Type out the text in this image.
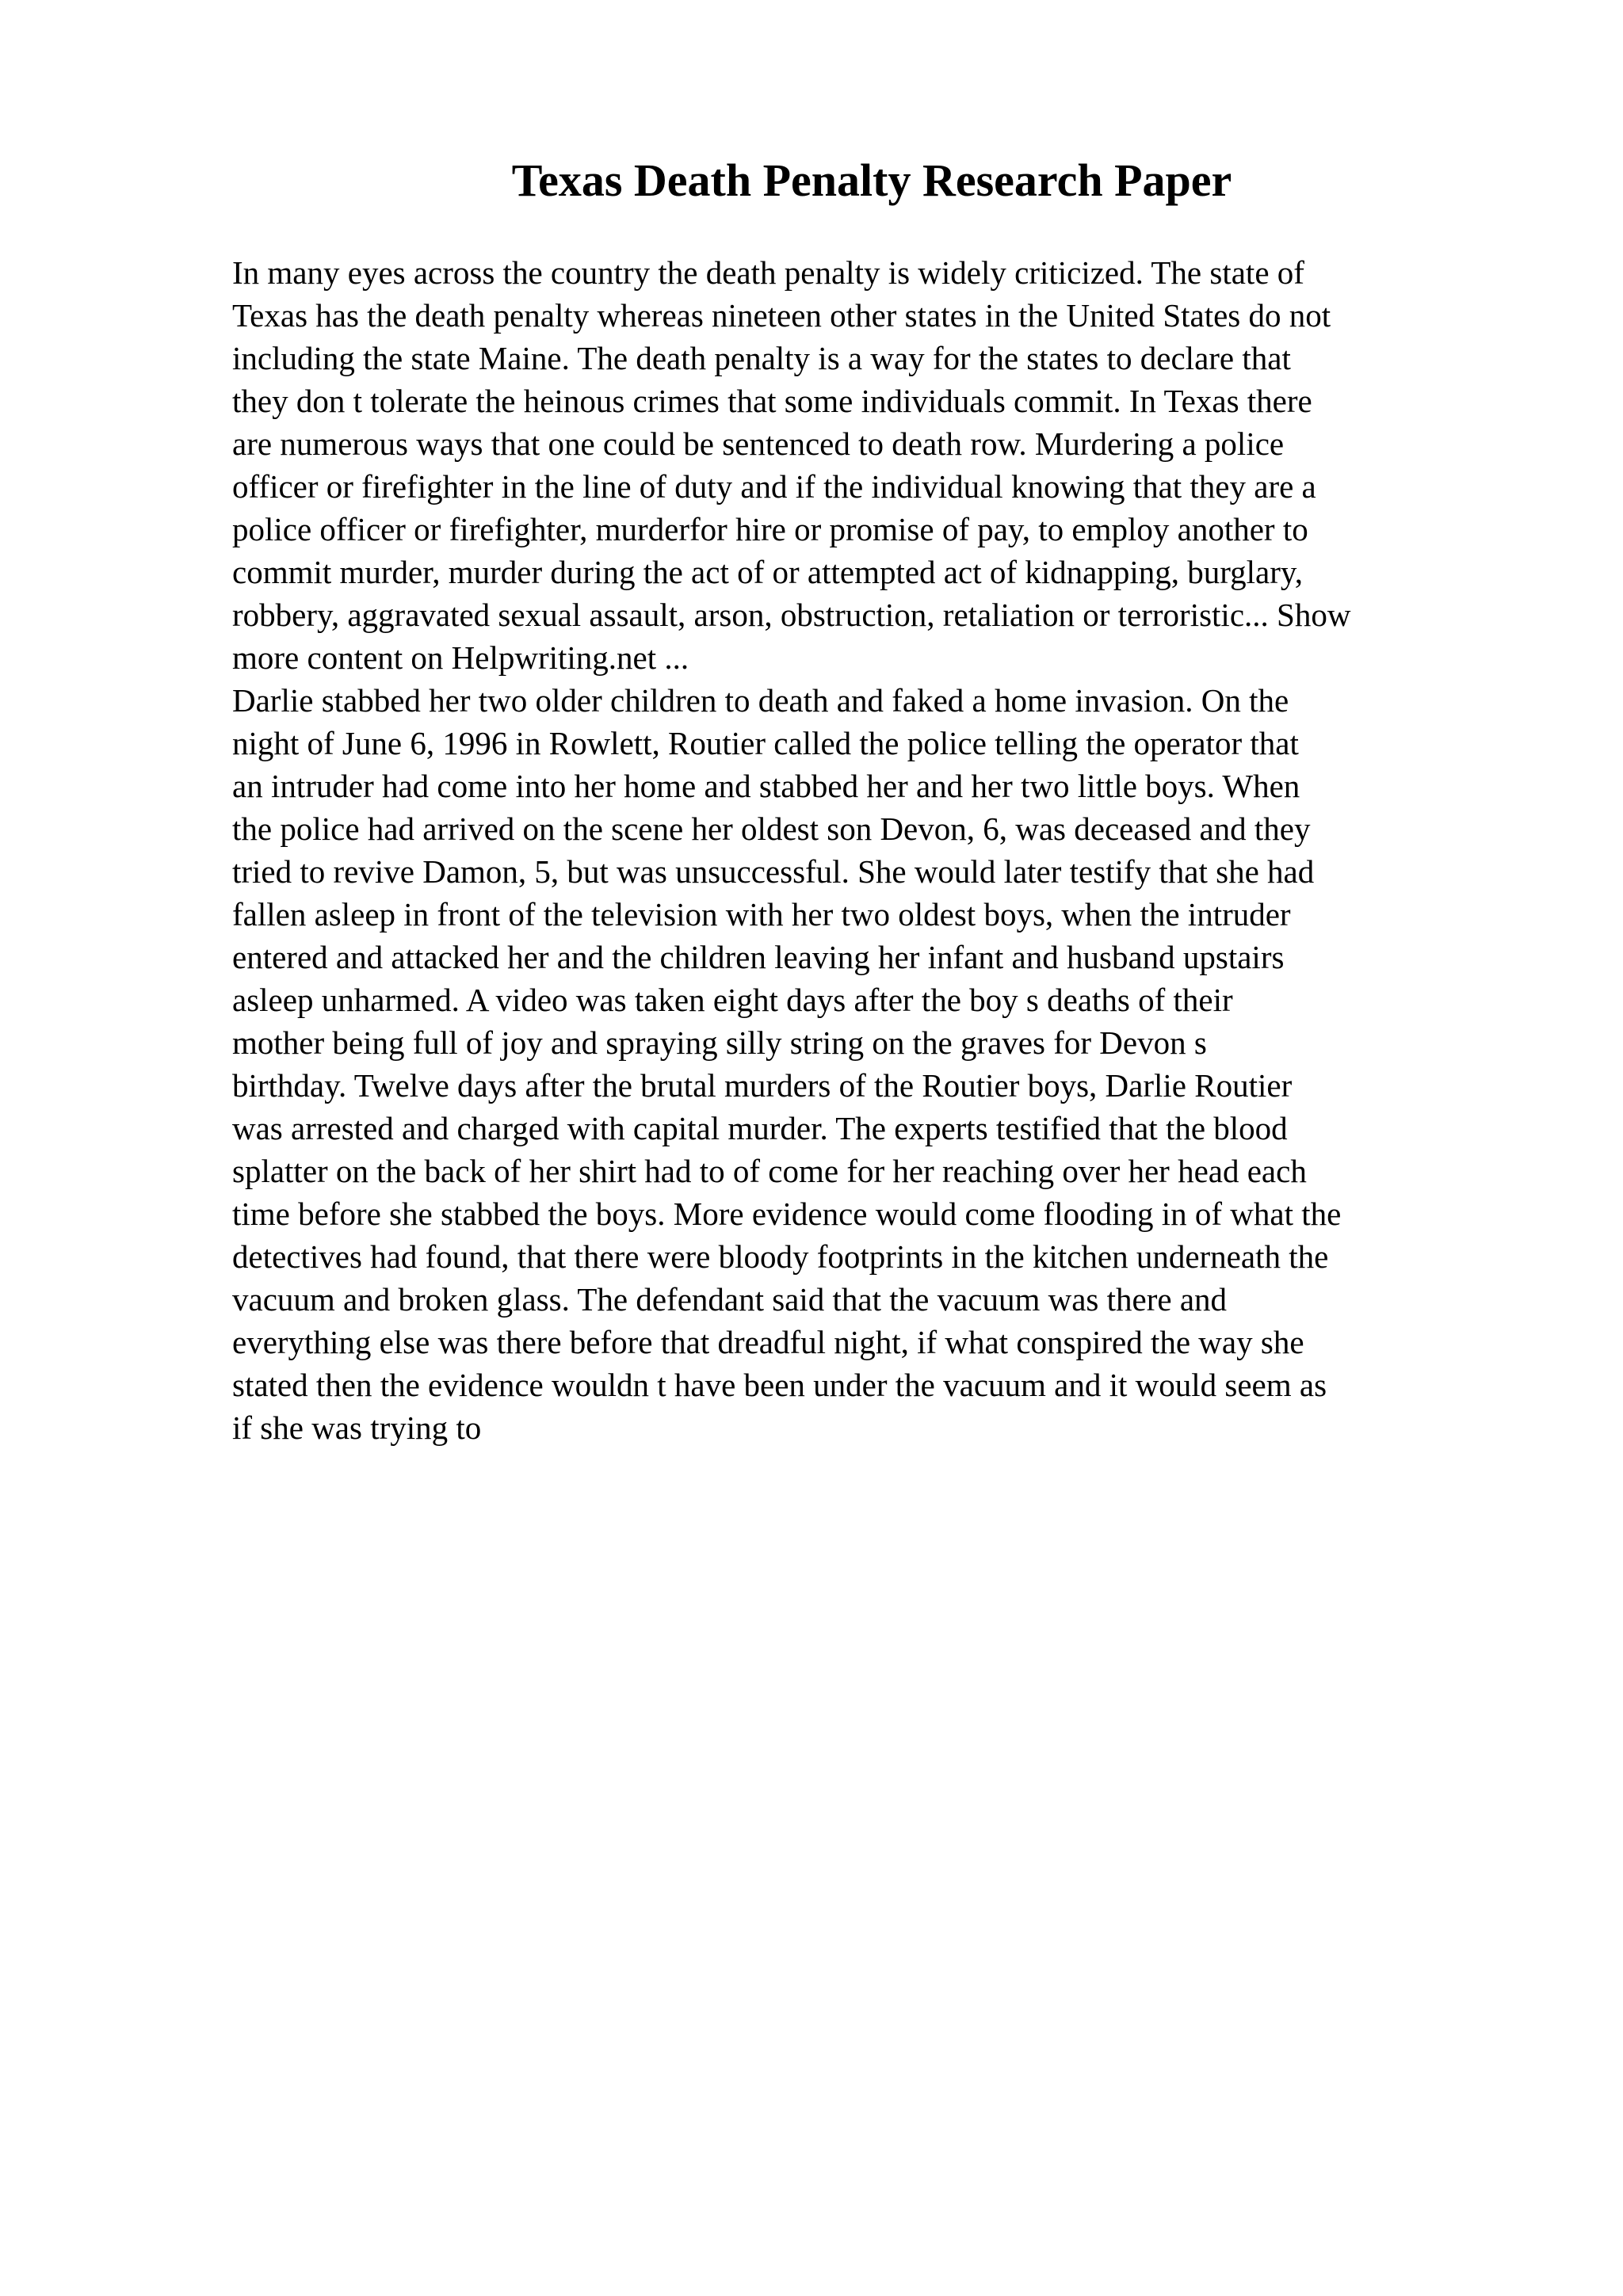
Texas Death Penalty Research Paper

In many eyes across the country the death penalty is widely criticized. The state of

Texas has the death penalty whereas nineteen other states in the United States do not

including the state Maine. The death penalty is a way for the states to declare that

they don t tolerate the heinous crimes that some individuals commit. In Texas there

are numerous ways that one could be sentenced to death row. Murdering a police

officer or firefighter in the line of duty and if the individual knowing that they are a

police officer or firefighter, murderfor hire or promise of pay, to employ another to

commit murder, murder during the act of or attempted act of kidnapping, burglary,

robbery, aggravated sexual assault, arson, obstruction, retaliation or terroristic... Show

more content on Helpwriting.net ...

Darlie stabbed her two older children to death and faked a home invasion. On the

night of June 6, 1996 in Rowlett, Routier called the police telling the operator that

an intruder had come into her home and stabbed her and her two little boys. When

the police had arrived on the scene her oldest son Devon, 6, was deceased and they

tried to revive Damon, 5, but was unsuccessful. She would later testify that she had

fallen asleep in front of the television with her two oldest boys, when the intruder

entered and attacked her and the children leaving her infant and husband upstairs

asleep unharmed. A video was taken eight days after the boy s deaths of their

mother being full of joy and spraying silly string on the graves for Devon s

birthday. Twelve days after the brutal murders of the Routier boys, Darlie Routier

was arrested and charged with capital murder. The experts testified that the blood

splatter on the back of her shirt had to of come for her reaching over her head each

time before she stabbed the boys. More evidence would come flooding in of what the

detectives had found, that there were bloody footprints in the kitchen underneath the

vacuum and broken glass. The defendant said that the vacuum was there and

everything else was there before that dreadful night, if what conspired the way she

stated then the evidence wouldn t have been under the vacuum and it would seem as

if she was trying to
